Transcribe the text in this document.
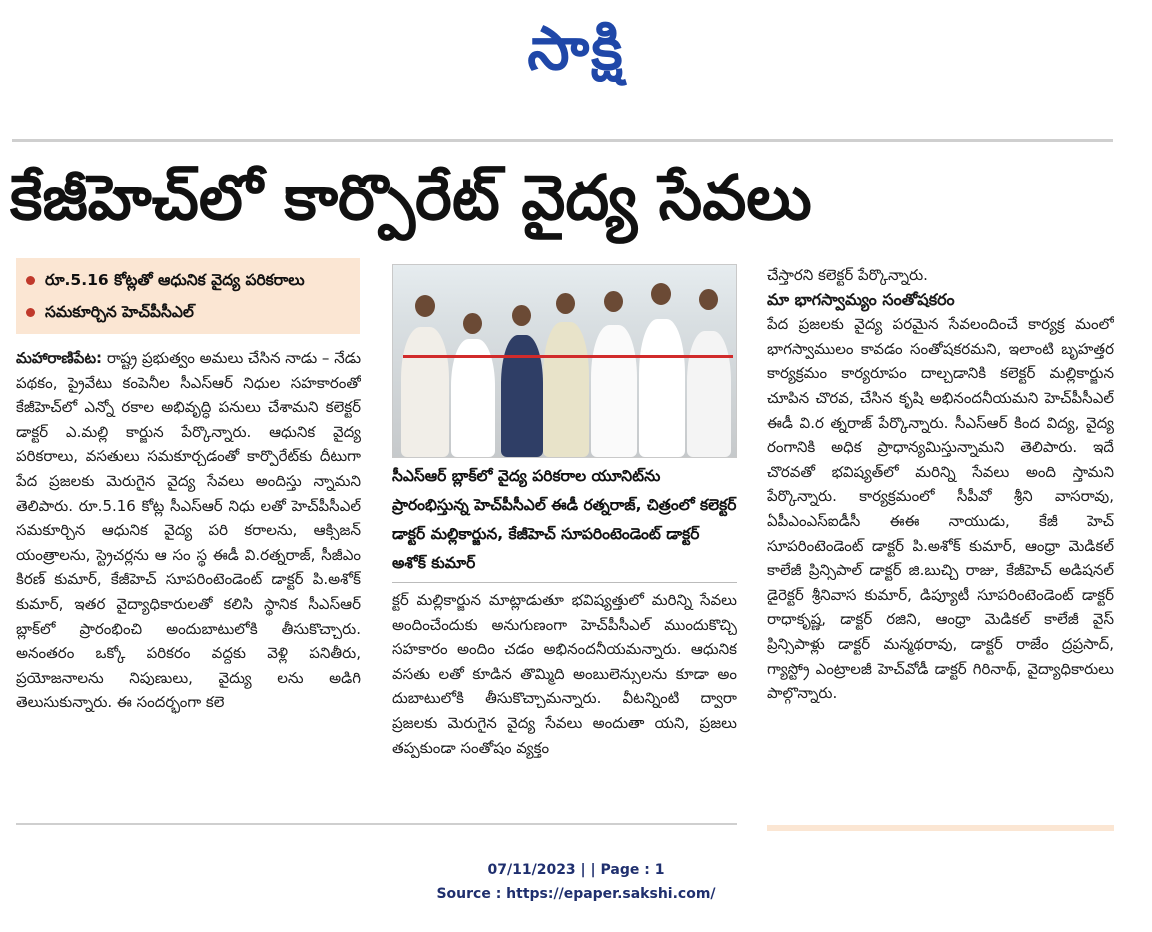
సాక్షి
కేజీహెచ్‌లో కార్పొరేట్ వైద్య సేవలు
రూ.5.16 కోట్లతో ఆధునిక వైద్య పరికరాలు
సమకూర్చిన హెచ్‌పీసీఎల్
మహారాణిపేట: రాష్ట్ర ప్రభుత్వం అమలు చేసిన నాడు – నేడు పథకం, ప్రైవేటు కంపెనీల సీఎస్‌ఆర్ నిధుల సహకారంతో కేజీహెచ్‌లో ఎన్నో రకాల అభివృద్ధి పనులు చేశామని కలెక్టర్ డాక్టర్ ఎ.మల్లి కార్జున పేర్కొన్నారు. ఆధునిక వైద్య పరికరాలు, వసతులు సమకూర్చడంతో కార్పొరేట్‌కు దీటుగా పేద ప్రజలకు మెరుగైన వైద్య సేవలు అందిస్తు న్నామని తెలిపారు. రూ.5.16 కోట్ల సీఎస్‌ఆర్ నిధు లతో హెచ్‌పీసీఎల్ సమకూర్చిన ఆధునిక వైద్య పరి కరాలను, ఆక్సిజన్ యంత్రాలను, స్ట్రెచర్లను ఆ సం స్థ ఈడీ వి.రత్నరాజ్, సీజీఎం కిరణ్ కుమార్, కేజీహెచ్ సూపరింటెండెంట్ డాక్టర్ పి.అశోక్ కుమార్, ఇతర వైద్యాధికారులతో కలిసి స్థానిక సీఎస్‌ఆర్ బ్లాక్‌లో ప్రారంభించి అందుబాటులోకి తీసుకొచ్చారు. అనంతరం ఒక్కో పరికరం వద్దకు వెళ్లి పనితీరు, ప్రయోజనాలను నిపుణులు, వైద్యు లను అడిగి తెలుసుకున్నారు. ఈ సందర్భంగా కలె
సీఎస్‌ఆర్ బ్లాక్‌లో వైద్య పరికరాల యూనిట్‌ను ప్రారంభిస్తున్న హెచ్‌పీసీఎల్ ఈడీ రత్నరాజ్, చిత్రంలో కలెక్టర్ డాక్టర్ మల్లికార్జున, కేజీహెచ్ సూపరింటెండెంట్ డాక్టర్ అశోక్ కుమార్
క్టర్ మల్లికార్జున మాట్లాడుతూ భవిష్యత్తులో మరిన్ని సేవలు అందించేందుకు అనుగుణంగా హెచ్‌పీసీఎల్ ముందుకొచ్చి సహకారం అందిం చడం అభినందనీయమన్నారు. ఆధునిక వసతు లతో కూడిన తొమ్మిది అంబులెన్సులను కూడా అం దుబాటులోకి తీసుకొచ్చామన్నారు. వీటన్నింటి ద్వారా ప్రజలకు మెరుగైన వైద్య సేవలు అందుతా యని, ప్రజలు తప్పకుండా సంతోషం వ్యక్తం
చేస్తారని కలెక్టర్ పేర్కొన్నారు.
మా భాగస్వామ్యం సంతోషకరం
పేద ప్రజలకు వైద్య పరమైన సేవలందించే కార్యక్ర మంలో భాగస్వాములం కావడం సంతోషకరమని, ఇలాంటి బృహత్తర కార్యక్రమం కార్యరూపం దాల్చడానికి కలెక్టర్ మల్లికార్జున చూపిన చొరవ, చేసిన కృషి అభినందనీయమని హెచ్‌పీసీఎల్ ఈడీ వి.ర త్నరాజ్ పేర్కొన్నారు. సీఎస్‌ఆర్ కింద విద్య, వైద్య రంగానికి అధిక ప్రాధాన్యమిస్తున్నామని తెలిపారు. ఇదే చొరవతో భవిష్యత్‌లో మరిన్ని సేవలు అంది స్తామని పేర్కొన్నారు. కార్యక్రమంలో సీపీవో శ్రీని వాసరావు, ఏపీఎంఎస్ఐడీసీ ఈఈ నాయుడు, కేజీ హెచ్ సూపరింటెండెంట్ డాక్టర్ పి.అశోక్ కుమార్, ఆంధ్రా మెడికల్ కాలేజీ ప్రిన్సిపాల్ డాక్టర్ జి.బుచ్చి రాజు, కేజీహెచ్ అడిషనల్ డైరెక్టర్ శ్రీనివాస కుమార్, డిప్యూటీ సూపరింటెండెంట్ డాక్టర్ రాధాకృష్ణ, డాక్టర్ రజిని, ఆంధ్రా మెడికల్ కాలేజీ వైస్ ప్రిన్సిపాళ్లు డాక్టర్ మన్మథరావు, డాక్టర్ రాజేం ద్రప్రసాద్, గ్యాస్ట్రో ఎంట్రాలజీ హెచ్‌వోడీ డాక్టర్ గిరినాథ్, వైద్యాధికారులు పాల్గొన్నారు.
07/11/2023 | | Page : 1
Source : https://epaper.sakshi.com/
